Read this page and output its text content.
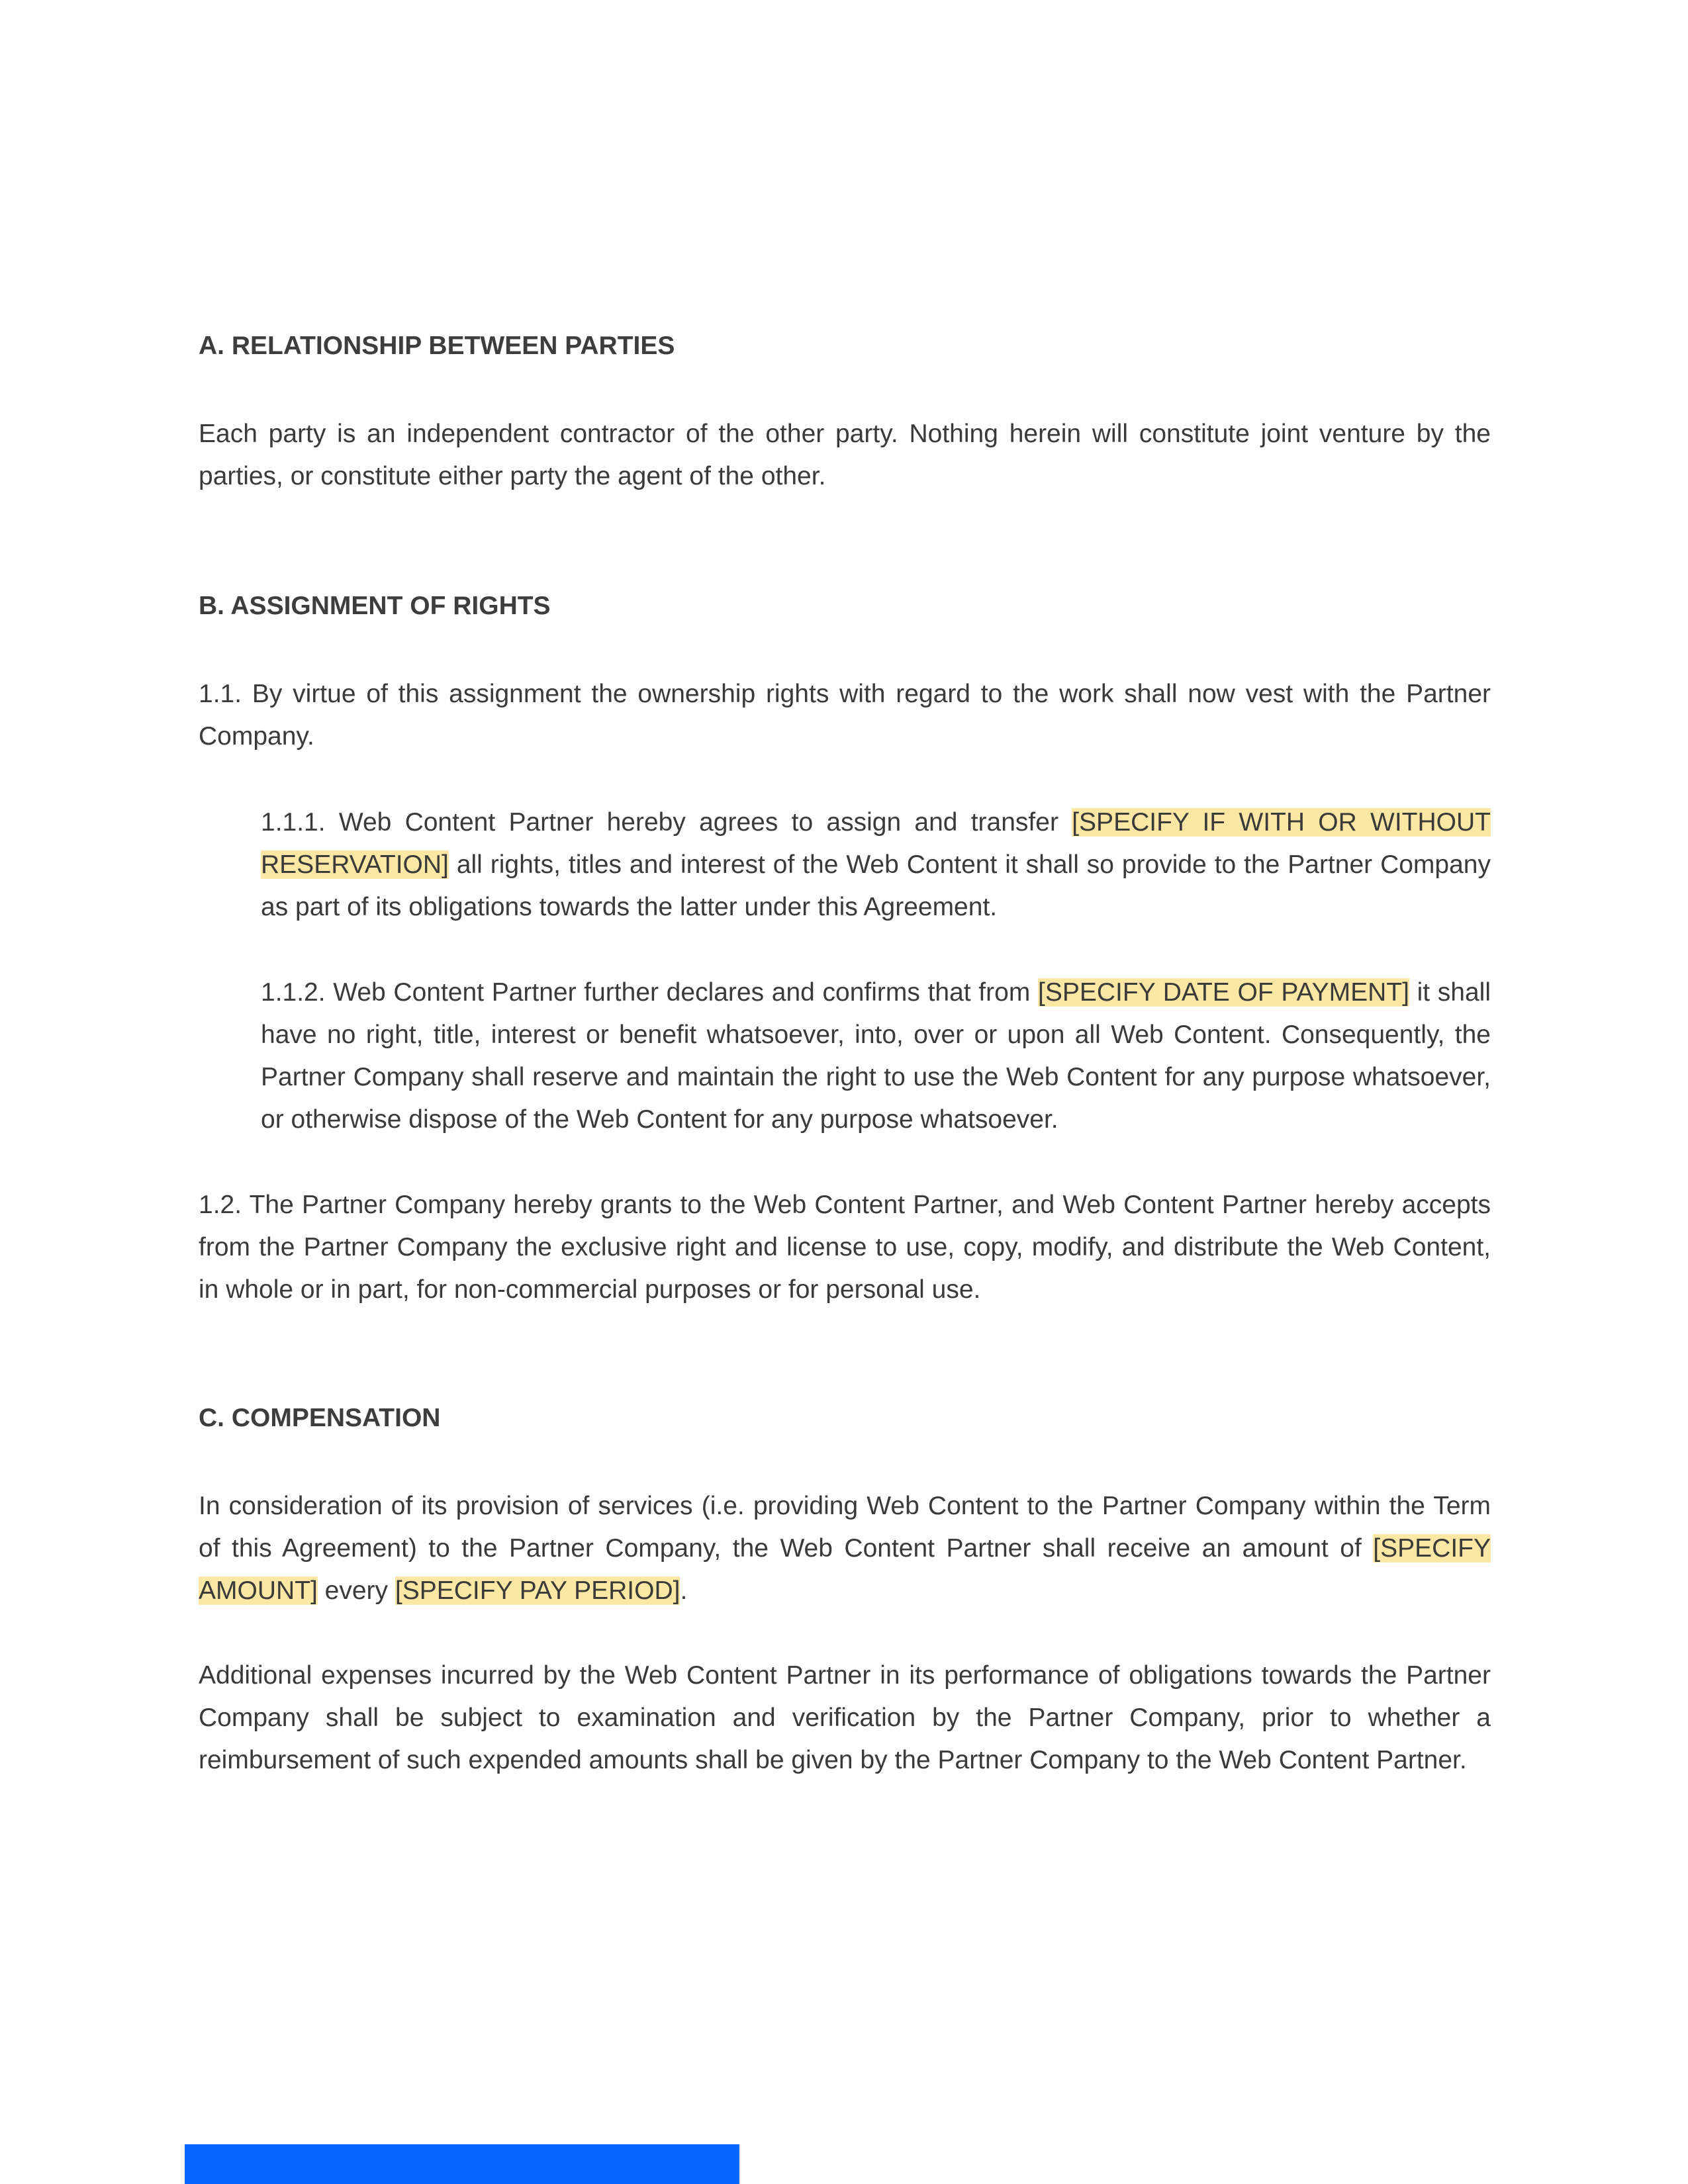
A. RELATIONSHIP BETWEEN PARTIES

Each party is an independent contractor of the other party. Nothing herein will constitute joint venture by the parties, or constitute either party the agent of the other.

B. ASSIGNMENT OF RIGHTS

1.1. By virtue of this assignment the ownership rights with regard to the work shall now vest with the Partner Company.

1.1.1. Web Content Partner hereby agrees to assign and transfer [SPECIFY IF WITH OR WITHOUT RESERVATION] all rights, titles and interest of the Web Content it shall so provide to the Partner Company as part of its obligations towards the latter under this Agreement.

1.1.2. Web Content Partner further declares and confirms that from [SPECIFY DATE OF PAYMENT] it shall have no right, title, interest or benefit whatsoever, into, over or upon all Web Content. Consequently, the Partner Company shall reserve and maintain the right to use the Web Content for any purpose whatsoever, or otherwise dispose of the Web Content for any purpose whatsoever.

1.2. The Partner Company hereby grants to the Web Content Partner, and Web Content Partner hereby accepts from the Partner Company the exclusive right and license to use, copy, modify, and distribute the Web Content, in whole or in part, for non-commercial purposes or for personal use.

C. COMPENSATION

In consideration of its provision of services (i.e. providing Web Content to the Partner Company within the Term of this Agreement) to the Partner Company, the Web Content Partner shall receive an amount of [SPECIFY AMOUNT] every [SPECIFY PAY PERIOD].

Additional expenses incurred by the Web Content Partner in its performance of obligations towards the Partner Company shall be subject to examination and verification by the Partner Company, prior to whether a reimbursement of such expended amounts shall be given by the Partner Company to the Web Content Partner.
